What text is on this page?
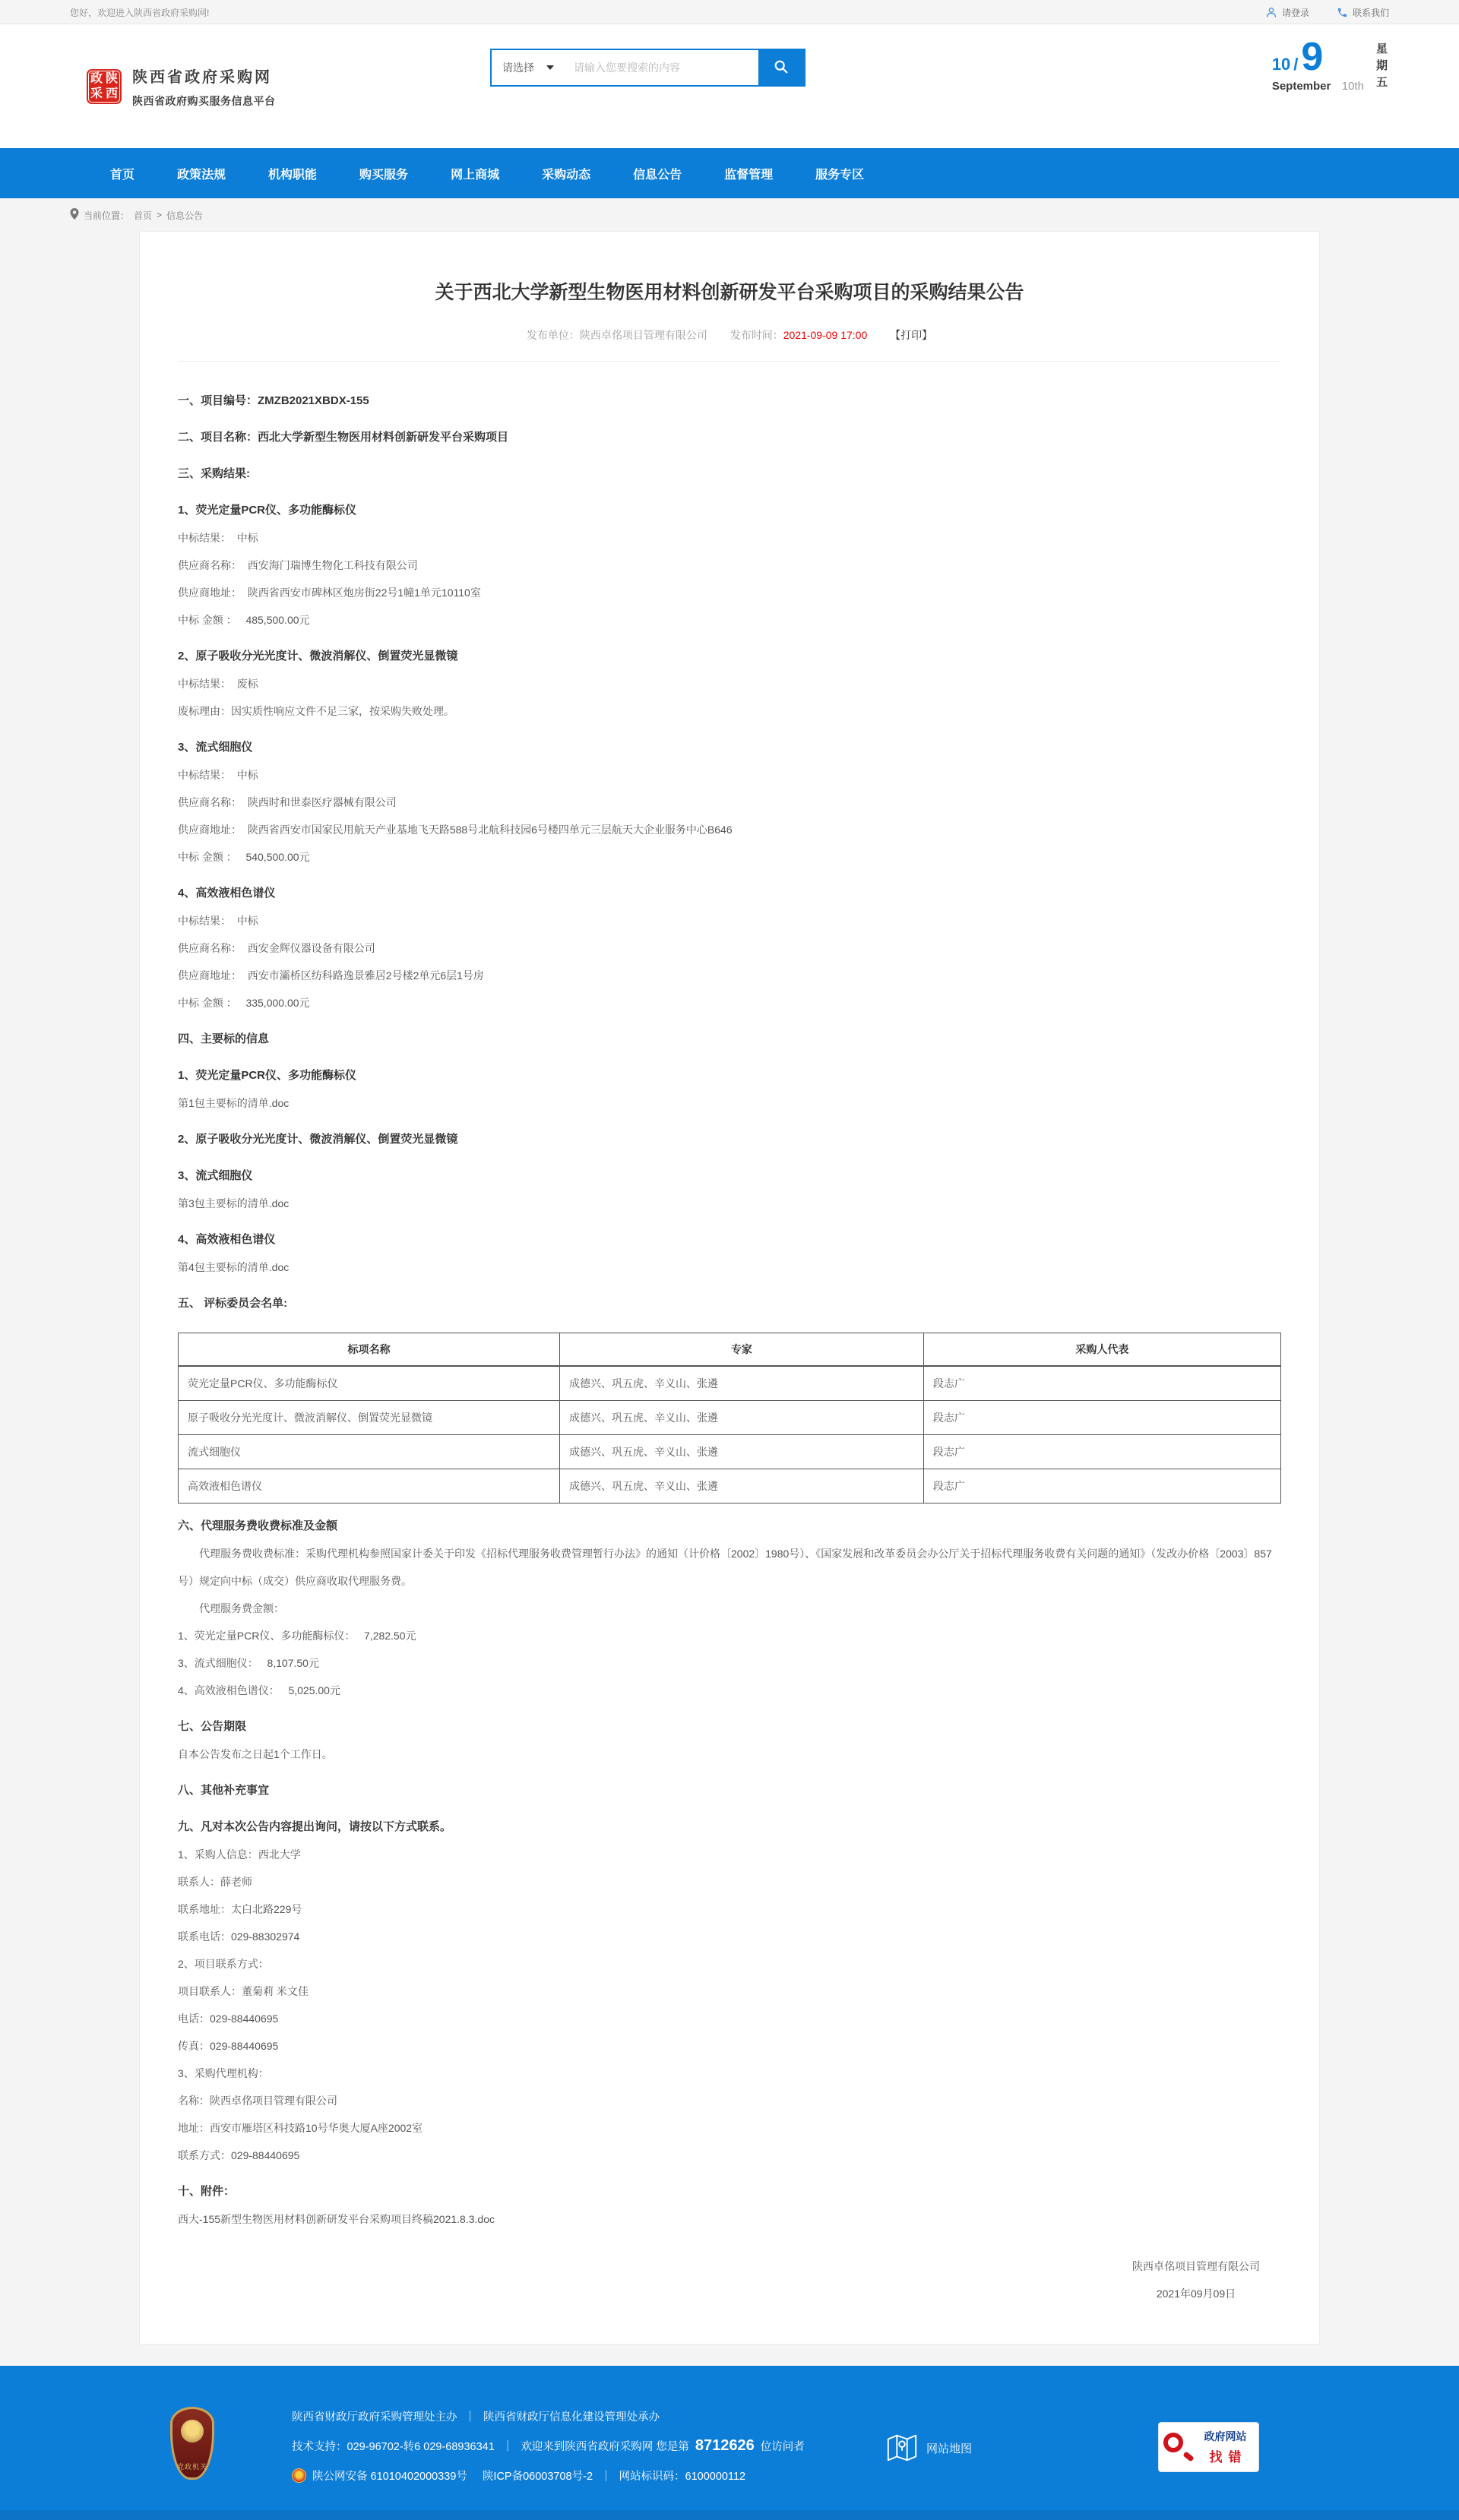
您好，欢迎进入陕西省政府采购网!	请登录	联系我们
政 陕
采 西
陕西省政府采购网
陕西省政府购买服务信息平台
请选择
请输入您要搜索的内容	10 / 9
September 10th
星期五
首页	政策法规	机构职能	购买服务	网上商城	采购动态	信息公告	监督管理	服务专区
当前位置： 首页 > 信息公告
关于西北大学新型生物医用材料创新研发平台采购项目的采购结果公告
发布单位：陕西卓佲项目管理有限公司 发布时间：2021-09-09 17:00 【打印】
一、项目编号：ZMZB2021XBDX-155
二、项目名称：西北大学新型生物医用材料创新研发平台采购项目
三、采购结果:
1、荧光定量PCR仪、多功能酶标仪
中标结果：  中标
供应商名称：  西安海门瑞博生物化工科技有限公司
供应商地址：  陕西省西安市碑林区炮房街22号1幢1单元10110室
中标 金额 ：   485,500.00元
2、原子吸收分光光度计、微波消解仪、倒置荧光显微镜
中标结果：  废标
废标理由：因实质性响应文件不足三家，按采购失败处理。
3、流式细胞仪
中标结果：  中标
供应商名称：  陕西时和世泰医疗器械有限公司
供应商地址：  陕西省西安市国家民用航天产业基地飞天路588号北航科技园6号楼四单元三层航天大企业服务中心B646
中标 金额 ：   540,500.00元
4、高效液相色谱仪
中标结果：  中标
供应商名称：  西安金辉仪器设备有限公司
供应商地址：  西安市灞桥区纺科路逸景雅居2号楼2单元6层1号房
中标 金额 ：   335,000.00元
四、主要标的信息
1、荧光定量PCR仪、多功能酶标仪
第1包主要标的清单.doc
2、原子吸收分光光度计、微波消解仪、倒置荧光显微镜
3、流式细胞仪
第3包主要标的清单.doc
4、高效液相色谱仪
第4包主要标的清单.doc
五、 评标委员会名单:
标项名称	专家	采购人代表
荧光定量PCR仪、多功能酶标仪	成德兴、巩五虎、辛义山、张遴	段志广
原子吸收分光光度计、微波消解仪、倒置荧光显微镜	成德兴、巩五虎、辛义山、张遴	段志广
流式细胞仪	成德兴、巩五虎、辛义山、张遴	段志广
高效液相色谱仪	成德兴、巩五虎、辛义山、张遴	段志广
六、代理服务费收费标准及金额
代理服务费收费标准：采购代理机构参照国家计委关于印发《招标代理服务收费管理暂行办法》的通知（计价格〔2002〕1980号）、《国家发展和改革委员会办公厅关于招标代理服务收费有关问题的通知》（发改办价格〔2003〕857号）规定向中标（成交）供应商收取代理服务费。
代理服务费金额：
1、荧光定量PCR仪、多功能酶标仪：   7,282.50元
3、流式细胞仪：   8,107.50元
4、高效液相色谱仪：   5,025.00元
七、公告期限
自本公告发布之日起1个工作日。
八、其他补充事宜
九、凡对本次公告内容提出询问，请按以下方式联系。
1、采购人信息：西北大学
联系人：薛老师
联系地址：太白北路229号
联系电话：029-88302974
2、项目联系方式：
项目联系人：董菊莉 米文佳
电话：029-88440695
传真：029-88440695
3、采购代理机构：
名称：陕西卓佲项目管理有限公司
地址：西安市雁塔区科技路10号华奥大厦A座2002室
联系方式：029-88440695
十、附件：
西大-155新型生物医用材料创新研发平台采购项目终稿2021.8.3.doc
陕西卓佲项目管理有限公司
2021年09月09日
党政机关
陕西省财政厅政府采购管理处主办 ｜ 陕西省财政厅信息化建设管理处承办
技术支持：029-96702-转6 029-68936341 ｜ 欢迎来到陕西省政府采购网 您是第 8712626 位访问者
陕公网安备 61010402000339号 陕ICP备06003708号-2 ｜ 网站标识码：6100000112
网站地图
政府网站
找错
